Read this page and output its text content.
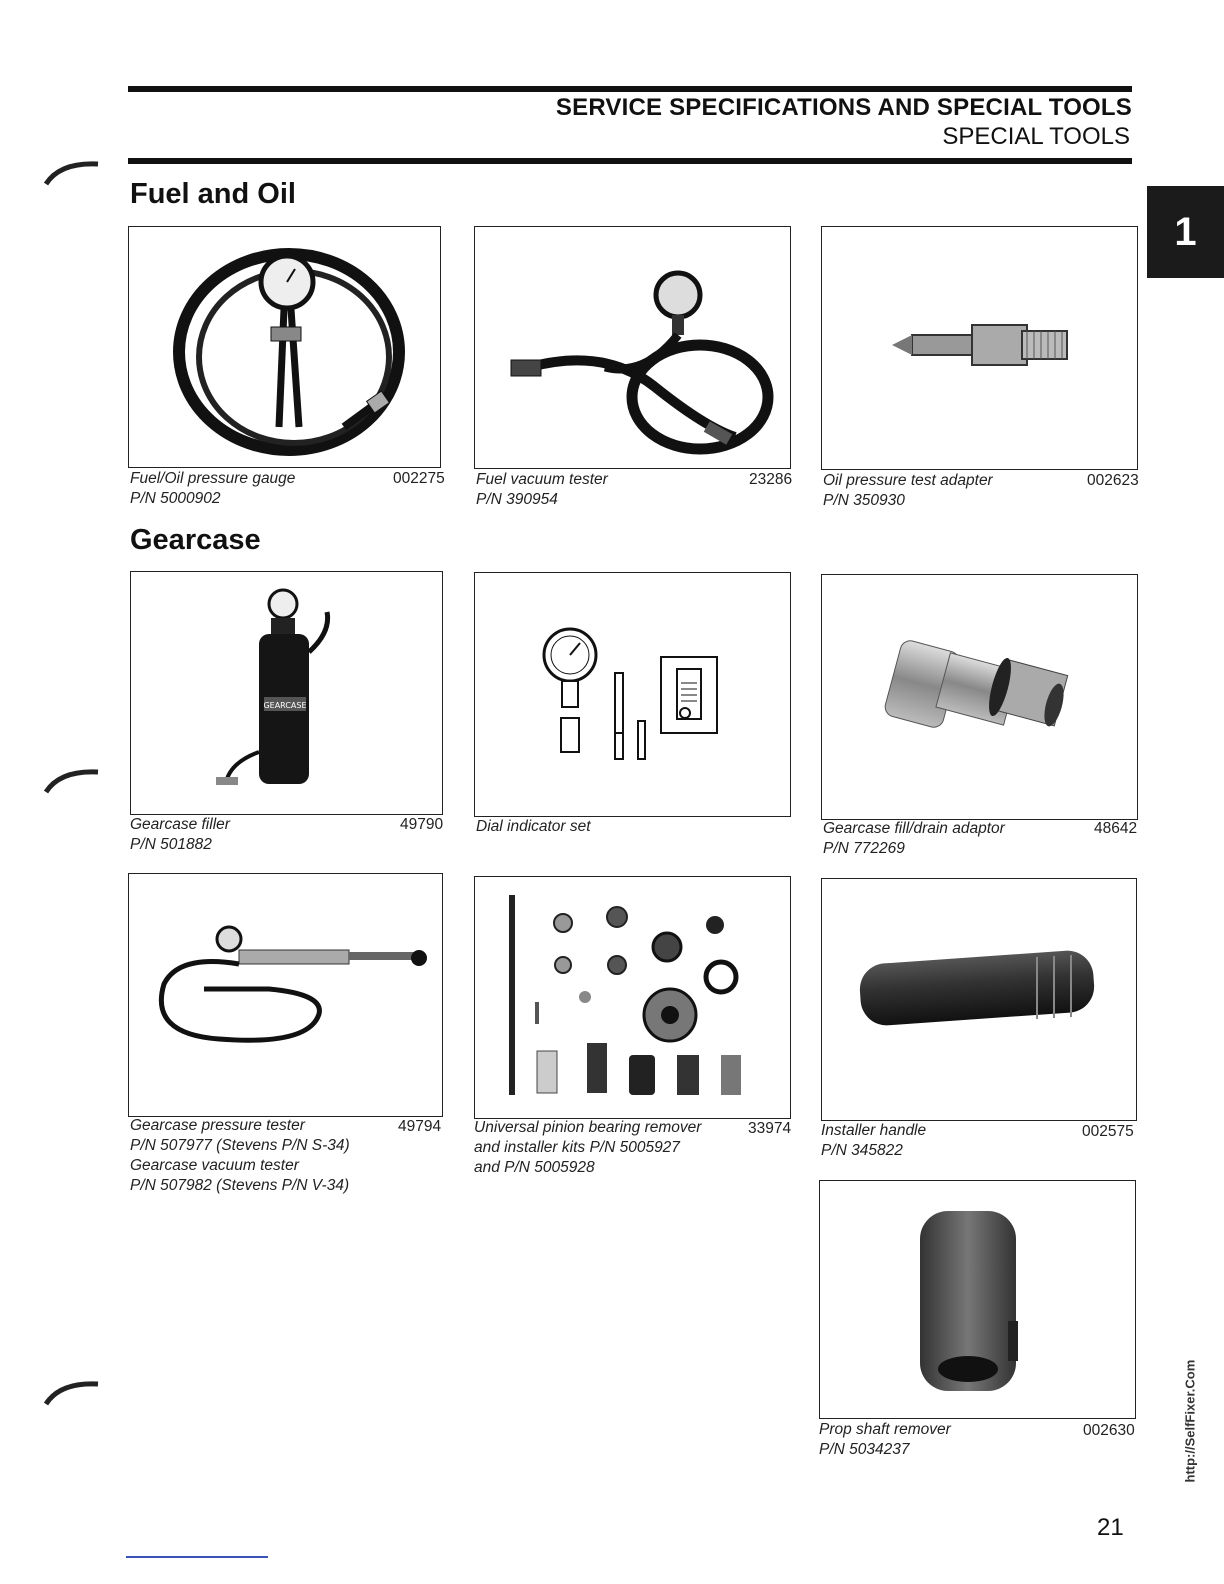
SERVICE SPECIFICATIONS AND SPECIAL TOOLS
SPECIAL TOOLS
1
Fuel and Oil
Gearcase
Fuel/Oil pressure gauge
P/N 5000902
002275 Fuel vacuum tester
P/N 390954
23286 Oil pressure test adapter
P/N 350930
002623
GEARCASE
Gearcase filler
P/N 501882
49790 Dial indicator set	Gearcase fill/drain adaptor
P/N 772269
48642
Gearcase pressure tester
P/N 507977 (Stevens P/N S-34)
Gearcase vacuum tester
P/N 507982 (Stevens P/N V-34)
49794 Universal pinion bearing remover
and installer kits P/N 5005927
and P/N 5005928
33974 Installer handle
P/N 345822
002575
Prop shaft remover
P/N 5034237
002630
21
http://SelfFixer.Com
